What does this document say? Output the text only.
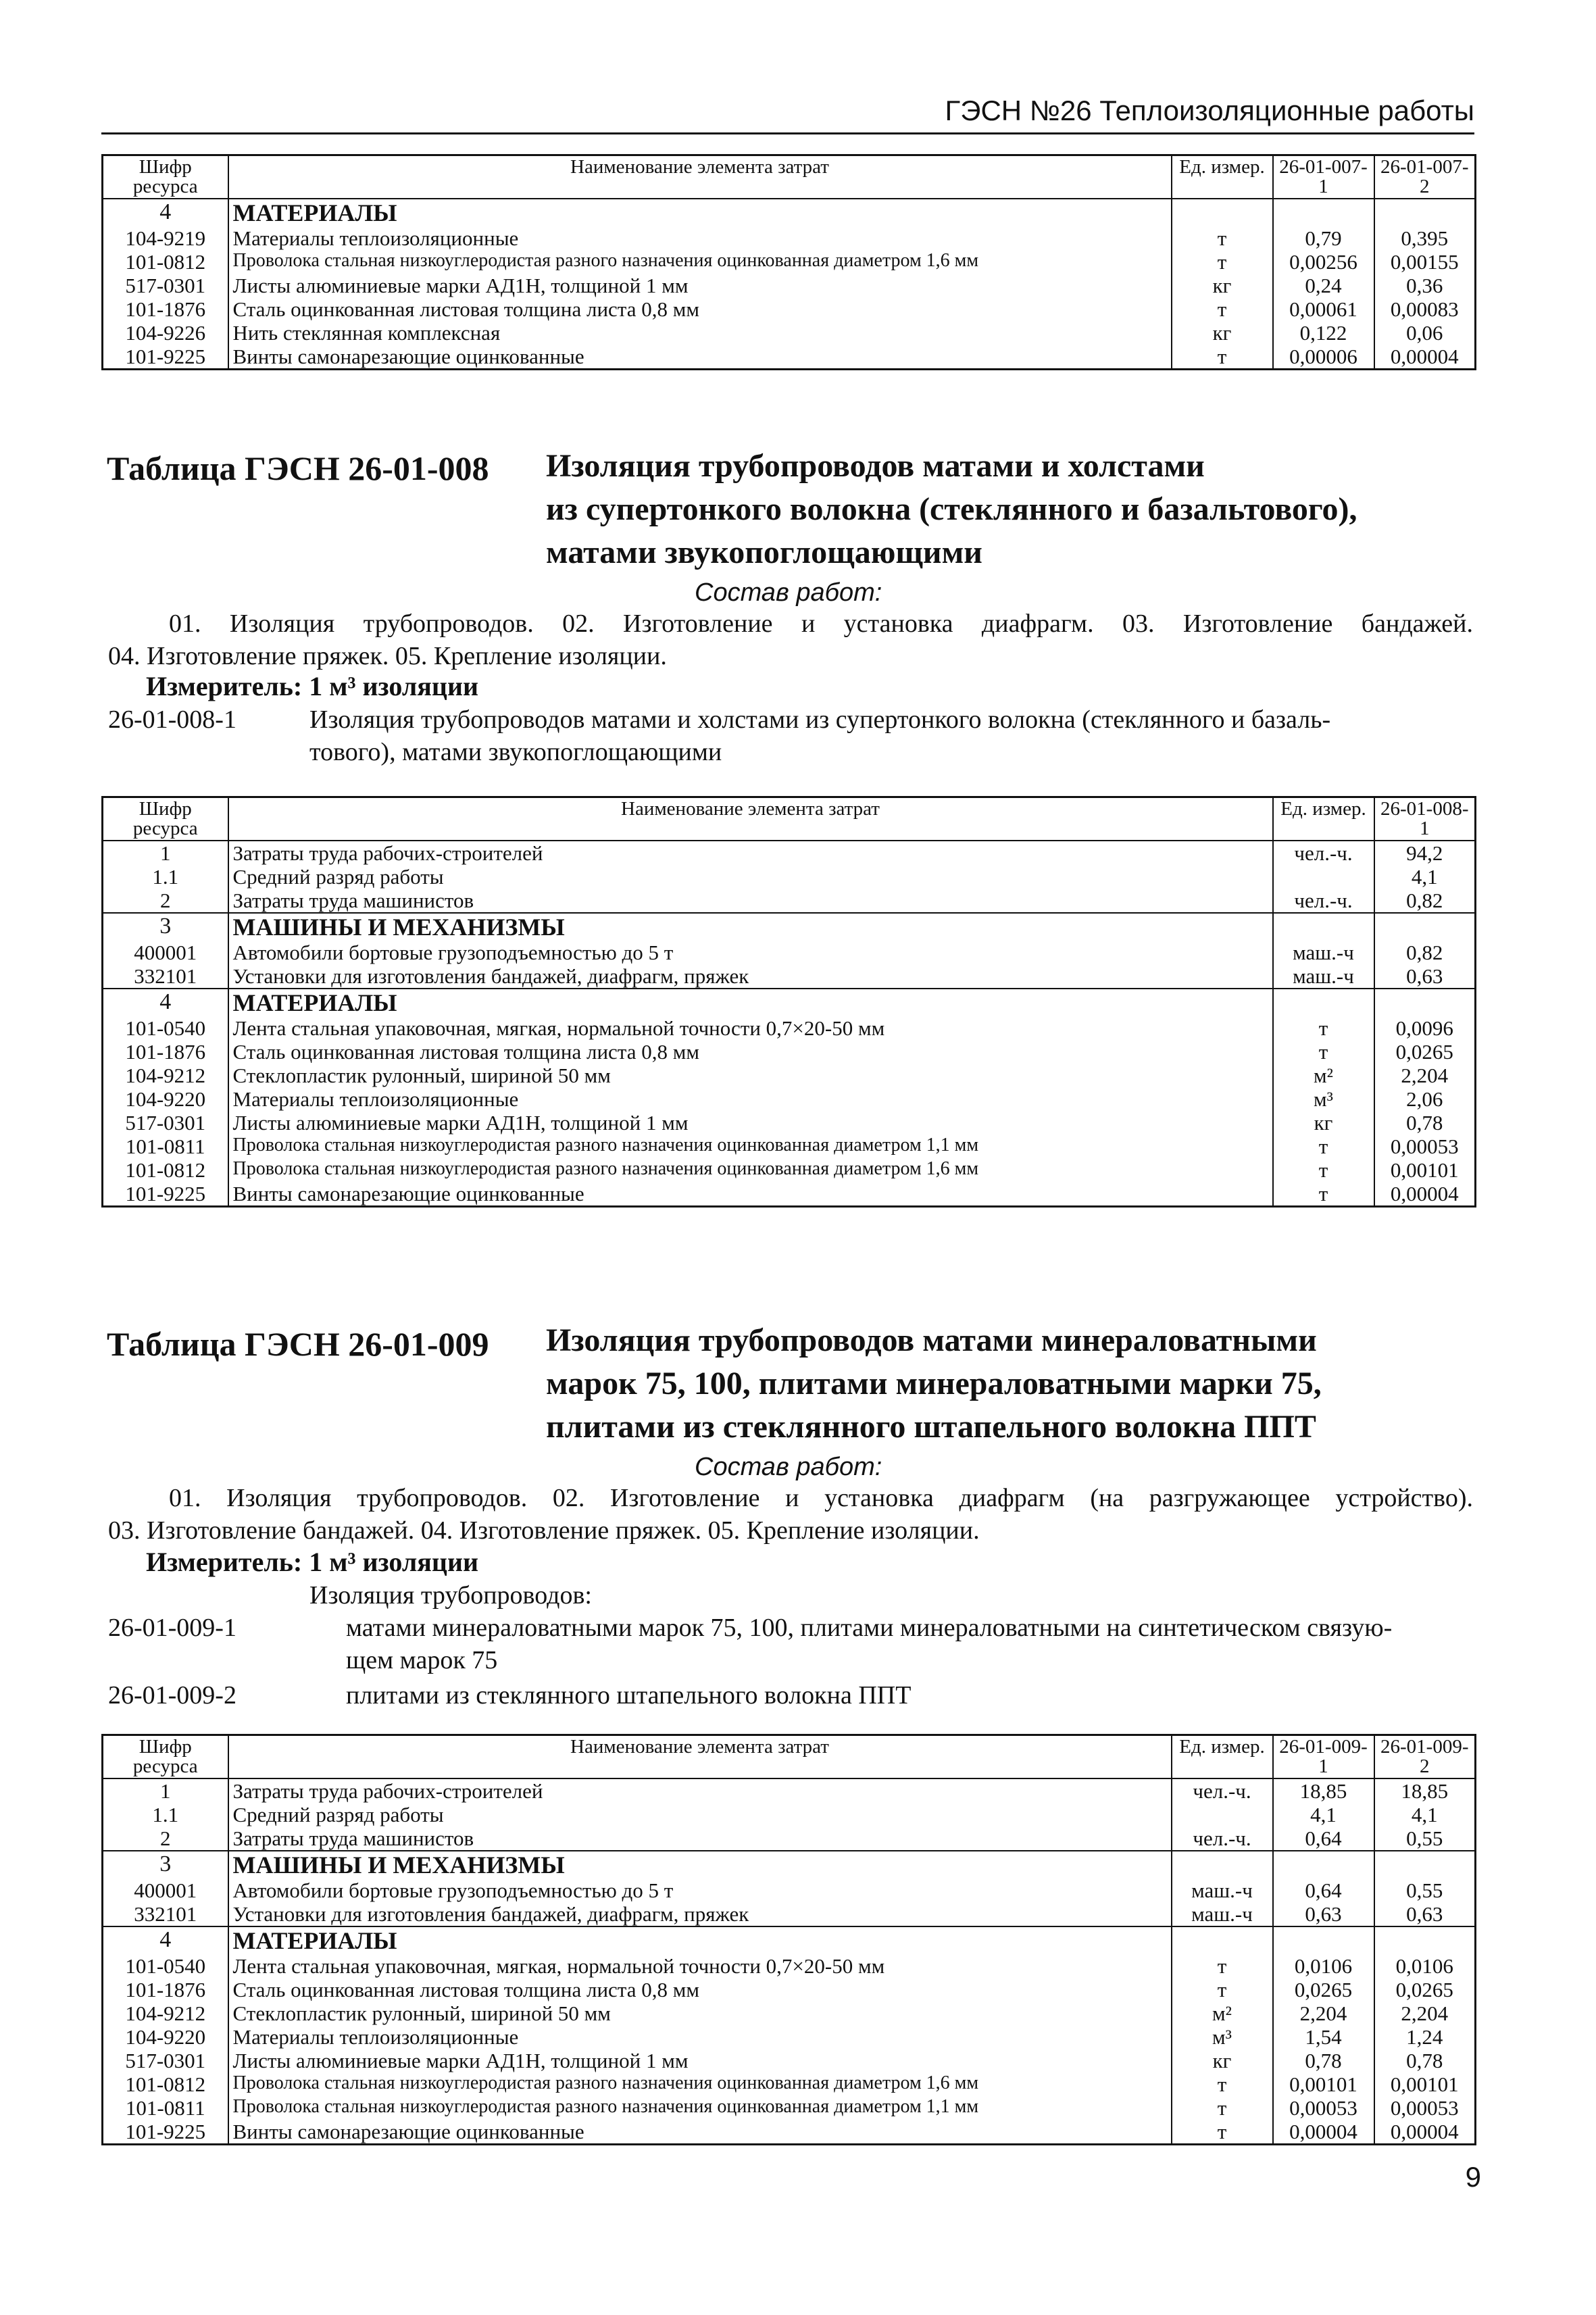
ГЭСН №26 Теплоизоляционные работы
Шифр ресурса	Наименование элемента затрат	Ед. измер.	26-01-007-1	26-01-007-2
4	МАТЕРИАЛЫ			
104-9219	Материалы теплоизоляционные	т	0,79	0,395
101-0812	Проволока стальная низкоуглеродистая разного назначения оцинкованная диаметром 1,6 мм	т	0,00256	0,00155
517-0301	Листы алюминиевые марки АД1Н, толщиной 1 мм	кг	0,24	0,36
101-1876	Сталь оцинкованная листовая толщина листа 0,8 мм	т	0,00061	0,00083
104-9226	Нить стеклянная комплексная	кг	0,122	0,06
101-9225	Винты самонарезающие оцинкованные	т	0,00006	0,00004
Таблица ГЭСН 26-01-008 Изоляция трубопроводов матами и холстами
из супертонкого волокна (стеклянного и базальтового),
матами звукопоглощающими
Состав работ:
01. Изоляция трубопроводов. 02. Изготовление и установка диафрагм. 03. Изготовление бандажей.
04. Изготовление пряжек. 05. Крепление изоляции.
Измеритель: 1 м³ изоляции
26-01-008-1	Изоляция трубопроводов матами и холстами из супертонкого волокна (стеклянного и базаль-
тового), матами звукопоглощающими
Шифр ресурса	Наименование элемента затрат	Ед. измер.	26-01-008-1
1	Затраты труда рабочих-строителей	чел.-ч.	94,2
1.1	Средний разряд работы		4,1
2	Затраты труда машинистов	чел.-ч.	0,82
3	МАШИНЫ И МЕХАНИЗМЫ		
400001	Автомобили бортовые грузоподъемностью до 5 т	маш.-ч	0,82
332101	Установки для изготовления бандажей, диафрагм, пряжек	маш.-ч	0,63
4	МАТЕРИАЛЫ		
101-0540	Лента стальная упаковочная, мягкая, нормальной точности 0,7×20-50 мм	т	0,0096
101-1876	Сталь оцинкованная листовая толщина листа 0,8 мм	т	0,0265
104-9212	Стеклопластик рулонный, шириной 50 мм	м²	2,204
104-9220	Материалы теплоизоляционные	м³	2,06
517-0301	Листы алюминиевые марки АД1Н, толщиной 1 мм	кг	0,78
101-0811	Проволока стальная низкоуглеродистая разного назначения оцинкованная диаметром 1,1 мм	т	0,00053
101-0812	Проволока стальная низкоуглеродистая разного назначения оцинкованная диаметром 1,6 мм	т	0,00101
101-9225	Винты самонарезающие оцинкованные	т	0,00004
Таблица ГЭСН 26-01-009 Изоляция трубопроводов матами минераловатными
марок 75, 100, плитами минераловатными марки 75,
плитами из стеклянного штапельного волокна ППТ
Состав работ:
01. Изоляция трубопроводов. 02. Изготовление и установка диафрагм (на разгружающее устройство).
03. Изготовление бандажей. 04. Изготовление пряжек. 05. Крепление изоляции.
Измеритель: 1 м³ изоляции
Изоляция трубопроводов:
26-01-009-1	матами минераловатными марок 75, 100, плитами минераловатными на синтетическом связую-
щем марок 75
26-01-009-2	плитами из стеклянного штапельного волокна ППТ
Шифр ресурса	Наименование элемента затрат	Ед. измер.	26-01-009-1	26-01-009-2
1	Затраты труда рабочих-строителей	чел.-ч.	18,85	18,85
1.1	Средний разряд работы		4,1	4,1
2	Затраты труда машинистов	чел.-ч.	0,64	0,55
3	МАШИНЫ И МЕХАНИЗМЫ			
400001	Автомобили бортовые грузоподъемностью до 5 т	маш.-ч	0,64	0,55
332101	Установки для изготовления бандажей, диафрагм, пряжек	маш.-ч	0,63	0,63
4	МАТЕРИАЛЫ			
101-0540	Лента стальная упаковочная, мягкая, нормальной точности 0,7×20-50 мм	т	0,0106	0,0106
101-1876	Сталь оцинкованная листовая толщина листа 0,8 мм	т	0,0265	0,0265
104-9212	Стеклопластик рулонный, шириной 50 мм	м²	2,204	2,204
104-9220	Материалы теплоизоляционные	м³	1,54	1,24
517-0301	Листы алюминиевые марки АД1Н, толщиной 1 мм	кг	0,78	0,78
101-0812	Проволока стальная низкоуглеродистая разного назначения оцинкованная диаметром 1,6 мм	т	0,00101	0,00101
101-0811	Проволока стальная низкоуглеродистая разного назначения оцинкованная диаметром 1,1 мм	т	0,00053	0,00053
101-9225	Винты самонарезающие оцинкованные	т	0,00004	0,00004
9
